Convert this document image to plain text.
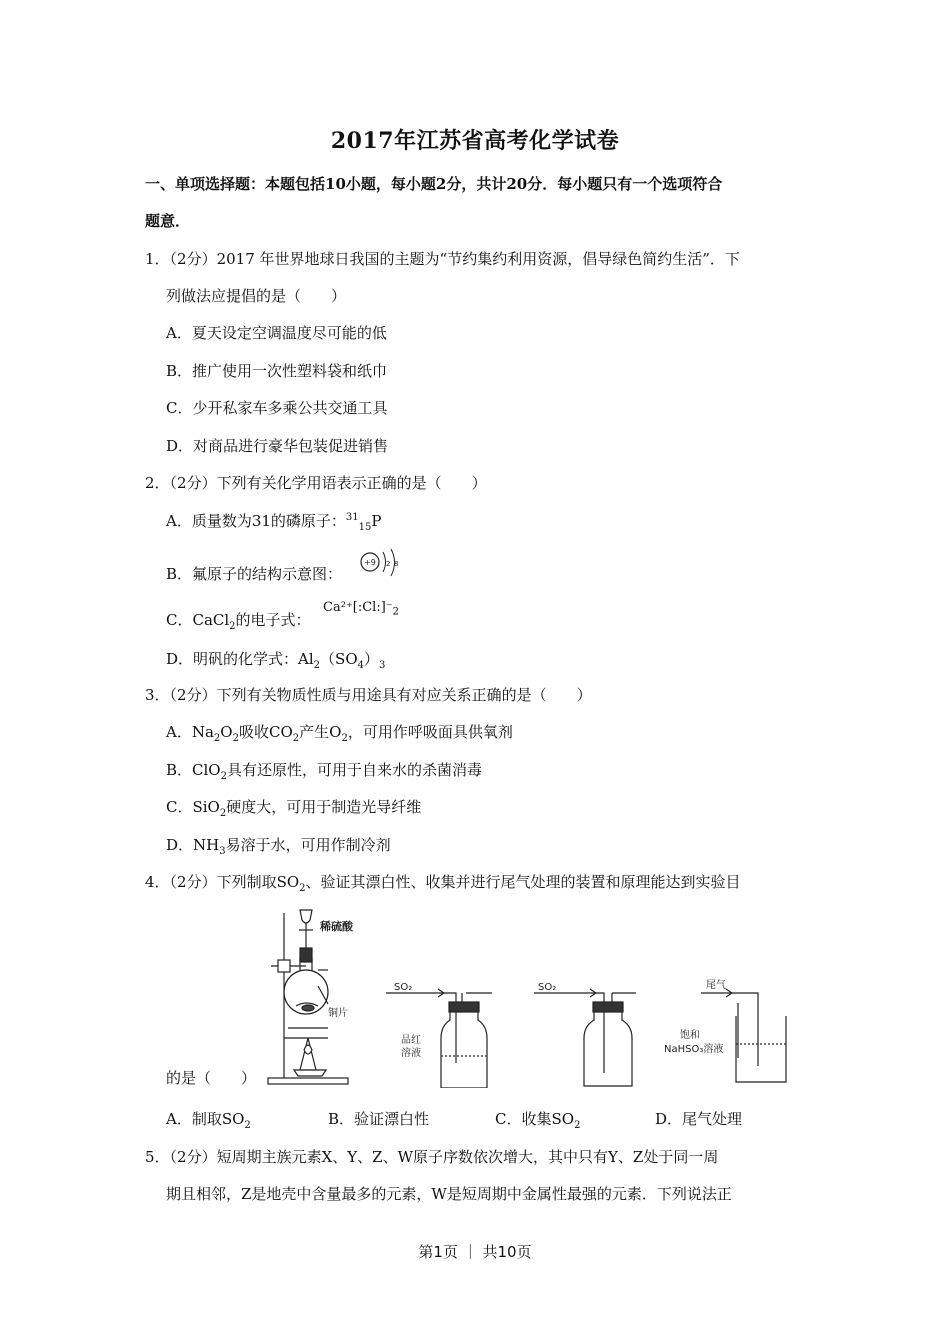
2017年江苏省高考化学试卷
一、单项选择题：本题包括10小题，每小题2分，共计20分．每小题只有一个选项符合
题意．
1．（2分）2017 年世界地球日我国的主题为“节约集约利用资源，倡导绿色简约生活”．下
列做法应提倡的是（　　）
A．夏天设定空调温度尽可能的低
B．推广使用一次性塑料袋和纸巾
C．少开私家车多乘公共交通工具
D．对商品进行豪华包装促进销售
2．（2分）下列有关化学用语表示正确的是（　　）
A．质量数为31的磷原子：$^{31}_{15}$P
B．氟原子的结构示意图：
+9 2 8
C．CaCl$_2$的电子式：
$Ca^{2+}[:Cl:]^-_2$
D．明矾的化学式：$Al_2(SO_4)_3$
3．（2分）下列有关物质性质与用途具有对应关系正确的是（　　）
A．$Na_2O_2$吸收$CO_2$产生$O_2$，可用作呼吸面具供氧剂
B．ClO$_2$具有还原性，可用于自来水的杀菌消毒
C．SiO$_2$硬度大，可用于制造光导纤维
D．$NH_3$易溶于水，可用作制冷剂
4．（2分）下列制取$SO_2$、验证其漂白性、收集并进行尾气处理的装置和原理能达到实验目
稀硫酸
铜片
SO₂
品红
溶液
SO₂	尾气
饱和
NaHSO₃溶液
的是（　　）
A．制取$SO_2$	B．验证漂白性	C．收集$SO_2$	D．尾气处理
5．（2分）短周期主族元素X、Y、Z、W原子序数依次增大，其中只有Y、Z处于同一周
期且相邻，Z是地壳中含量最多的元素，W是短周期中金属性最强的元素．下列说法正
第1页 ｜ 共10页
